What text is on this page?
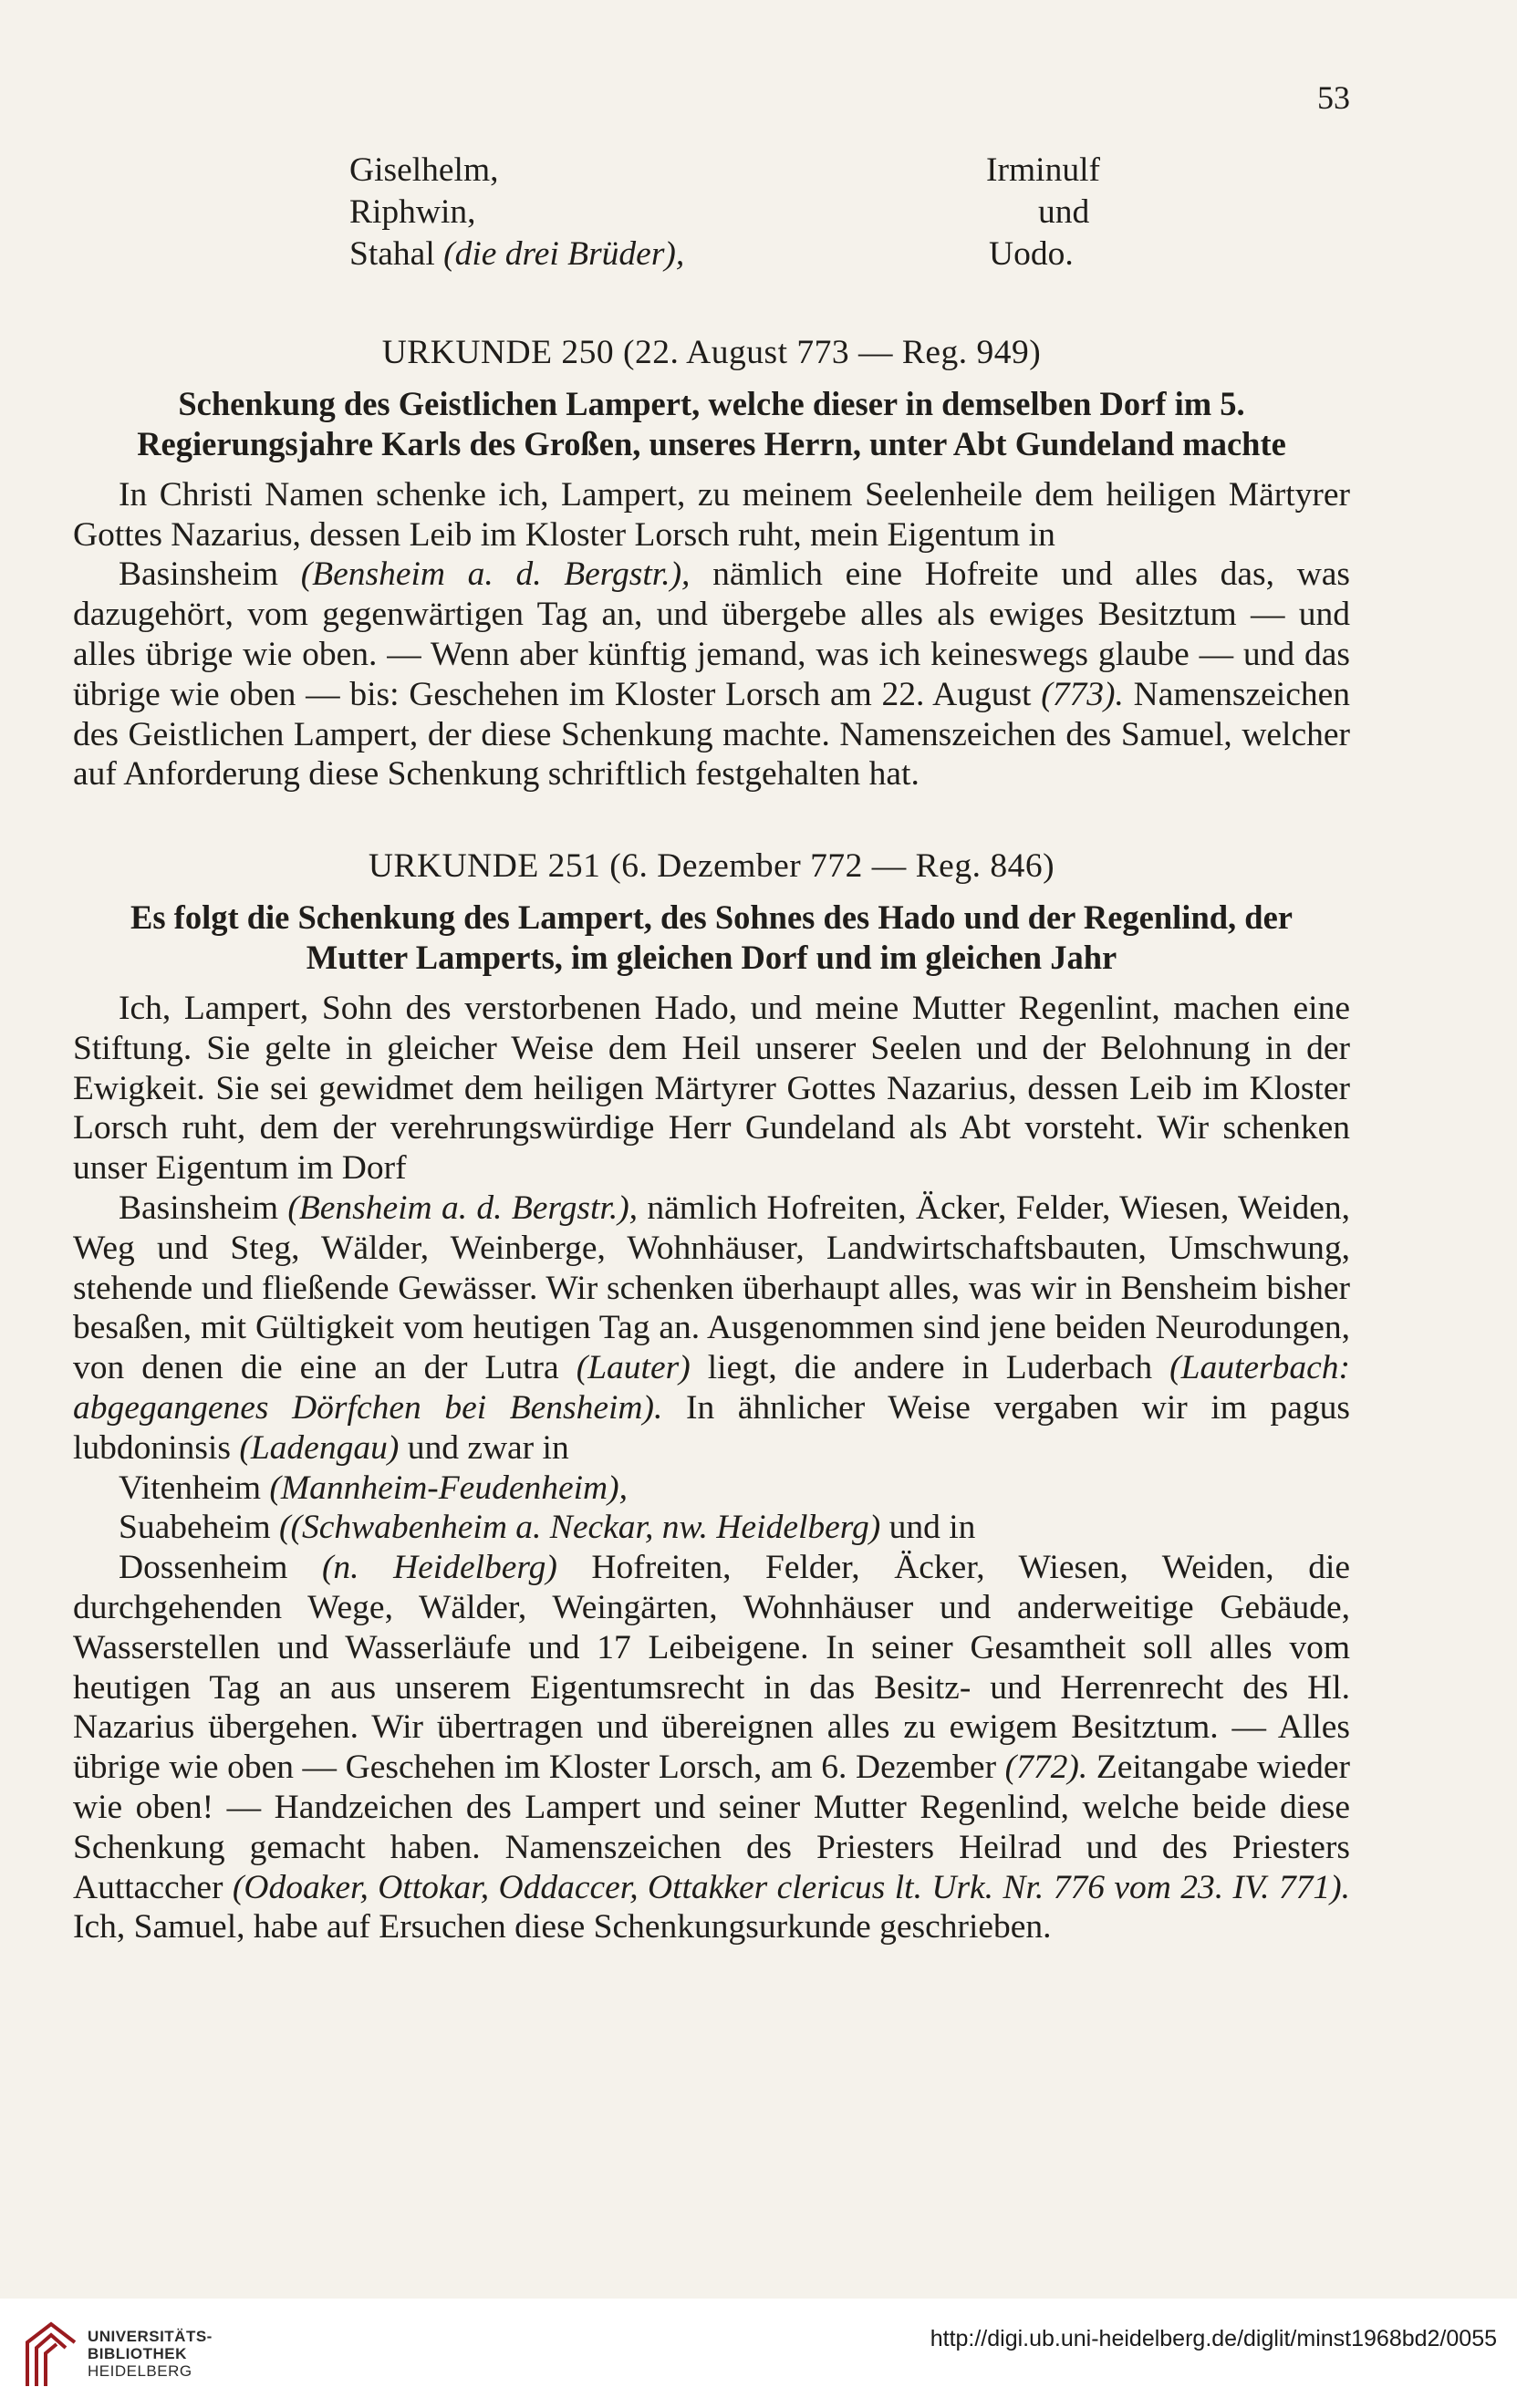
53
Giselhelm,	Irminulf
Riphwin,	und
Stahal (die drei Brüder),	Uodo.
URKUNDE 250 (22. August 773 — Reg. 949)
Schenkung des Geistlichen Lampert, welche dieser in demselben Dorf im 5.
Regierungsjahre Karls des Großen, unseres Herrn, unter Abt Gundeland machte
In Christi Namen schenke ich, Lampert, zu meinem Seelenheile dem heiligen Märtyrer Gottes Nazarius, dessen Leib im Kloster Lorsch ruht, mein Eigentum in
Basinsheim (Bensheim a. d. Bergstr.), nämlich eine Hofreite und alles das, was dazugehört, vom gegenwärtigen Tag an, und übergebe alles als ewiges Besitztum — und alles übrige wie oben. — Wenn aber künftig jemand, was ich keineswegs glaube — und das übrige wie oben — bis: Geschehen im Kloster Lorsch am 22. August (773). Namenszeichen des Geistlichen Lampert, der diese Schenkung machte. Namenszeichen des Samuel, welcher auf Anforderung diese Schenkung schriftlich festgehalten hat.
URKUNDE 251 (6. Dezember 772 — Reg. 846)
Es folgt die Schenkung des Lampert, des Sohnes des Hado und der Regenlind, der
Mutter Lamperts, im gleichen Dorf und im gleichen Jahr
Ich, Lampert, Sohn des verstorbenen Hado, und meine Mutter Regenlint, machen eine Stiftung. Sie gelte in gleicher Weise dem Heil unserer Seelen und der Belohnung in der Ewigkeit. Sie sei gewidmet dem heiligen Märtyrer Gottes Nazarius, dessen Leib im Kloster Lorsch ruht, dem der verehrungswürdige Herr Gundeland als Abt vorsteht. Wir schenken unser Eigentum im Dorf
Basinsheim (Bensheim a. d. Bergstr.), nämlich Hofreiten, Äcker, Felder, Wiesen, Weiden, Weg und Steg, Wälder, Weinberge, Wohnhäuser, Landwirtschaftsbauten, Umschwung, stehende und fließende Gewässer. Wir schenken überhaupt alles, was wir in Bensheim bisher besaßen, mit Gültigkeit vom heutigen Tag an. Ausgenommen sind jene beiden Neurodungen, von denen die eine an der Lutra (Lauter) liegt, die andere in Luderbach (Lauterbach: abgegangenes Dörfchen bei Bensheim). In ähnlicher Weise vergaben wir im pagus lubdoninsis (Ladengau) und zwar in
Vitenheim (Mannheim-Feudenheim),
Suabeheim ((Schwabenheim a. Neckar, nw. Heidelberg) und in
Dossenheim (n. Heidelberg) Hofreiten, Felder, Äcker, Wiesen, Weiden, die durchgehenden Wege, Wälder, Weingärten, Wohnhäuser und anderweitige Gebäude, Wasserstellen und Wasserläufe und 17 Leibeigene. In seiner Gesamtheit soll alles vom heutigen Tag an aus unserem Eigentumsrecht in das Besitz- und Herrenrecht des Hl. Nazarius übergehen. Wir übertragen und übereignen alles zu ewigem Besitztum. — Alles übrige wie oben — Geschehen im Kloster Lorsch, am 6. Dezember (772). Zeitangabe wieder wie oben! — Handzeichen des Lampert und seiner Mutter Regenlind, welche beide diese Schenkung gemacht haben. Namenszeichen des Priesters Heilrad und des Priesters Auttaccher (Odoaker, Ottokar, Oddaccer, Ottakker clericus lt. Urk. Nr. 776 vom 23. IV. 771). Ich, Samuel, habe auf Ersuchen diese Schenkungsurkunde geschrieben.
UNIVERSITÄTS-
BIBLIOTHEK
HEIDELBERG
http://digi.ub.uni-heidelberg.de/diglit/minst1968bd2/0055
